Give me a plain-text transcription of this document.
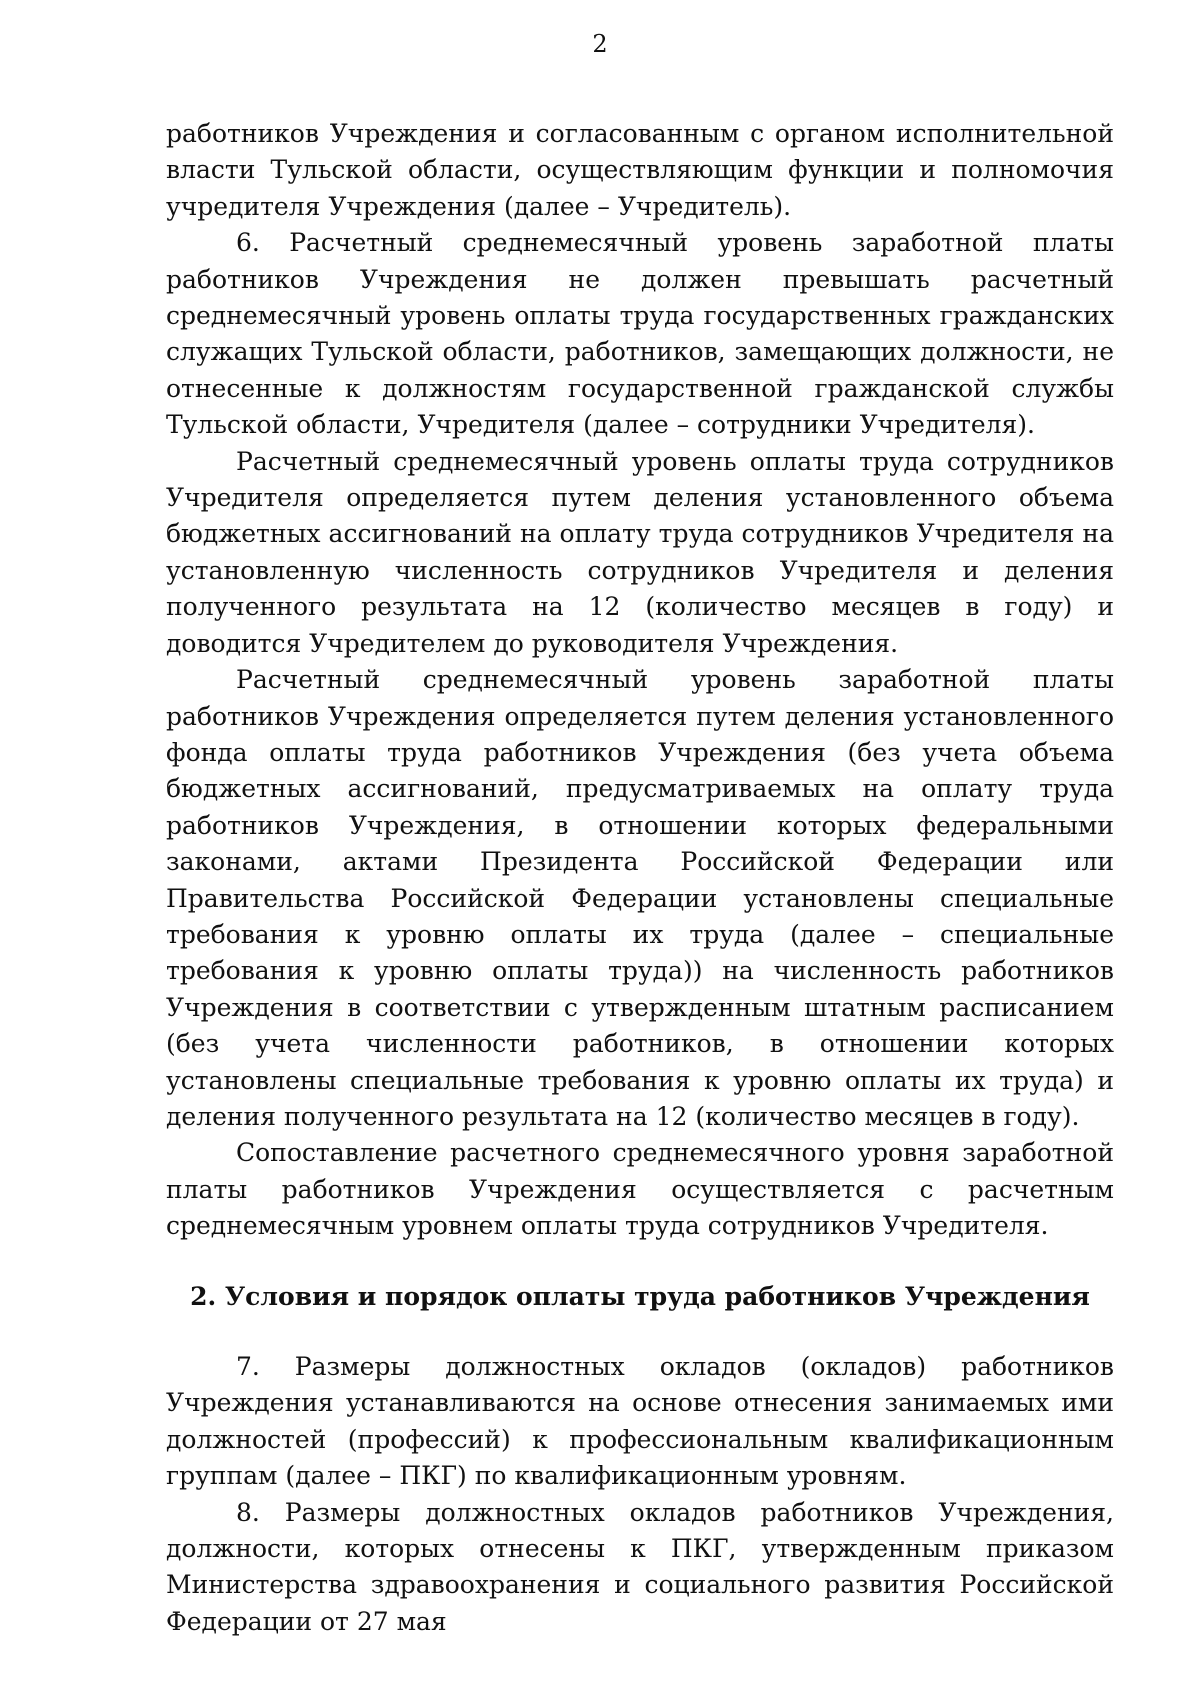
2

работников Учреждения и согласованным с органом исполнительной власти Тульской области, осуществляющим функции и полномочия учредителя Учреждения (далее – Учредитель).

6. Расчетный среднемесячный уровень заработной платы работников Учреждения не должен превышать расчетный среднемесячный уровень оплаты труда государственных гражданских служащих Тульской области, работников, замещающих должности, не отнесенные к должностям государственной гражданской службы Тульской области, Учредителя (далее – сотрудники Учредителя).

Расчетный среднемесячный уровень оплаты труда сотрудников Учредителя определяется путем деления установленного объема бюджетных ассигнований на оплату труда сотрудников Учредителя на установленную численность сотрудников Учредителя и деления полученного результата на 12 (количество месяцев в году) и доводится Учредителем до руководителя Учреждения.

Расчетный среднемесячный уровень заработной платы работников Учреждения определяется путем деления установленного фонда оплаты труда работников Учреждения (без учета объема бюджетных ассигнований, предусматриваемых на оплату труда работников Учреждения, в отношении которых федеральными законами, актами Президента Российской Федерации или Правительства Российской Федерации установлены специальные требования к уровню оплаты их труда (далее – специальные требования к уровню оплаты труда)) на численность работников Учреждения в соответствии с утвержденным штатным расписанием (без учета численности работников, в отношении которых установлены специальные требования к уровню оплаты их труда) и деления полученного результата на 12 (количество месяцев в году).

Сопоставление расчетного среднемесячного уровня заработной платы работников Учреждения осуществляется с расчетным среднемесячным уровнем оплаты труда сотрудников Учредителя.

2. Условия и порядок оплаты труда работников Учреждения

7. Размеры должностных окладов (окладов) работников Учреждения устанавливаются на основе отнесения занимаемых ими должностей (профессий) к профессиональным квалификационным группам (далее – ПКГ) по квалификационным уровням.

8. Размеры должностных окладов работников Учреждения, должности, которых отнесены к ПКГ, утвержденным приказом Министерства здравоохранения и социального развития Российской Федерации от 27 мая
